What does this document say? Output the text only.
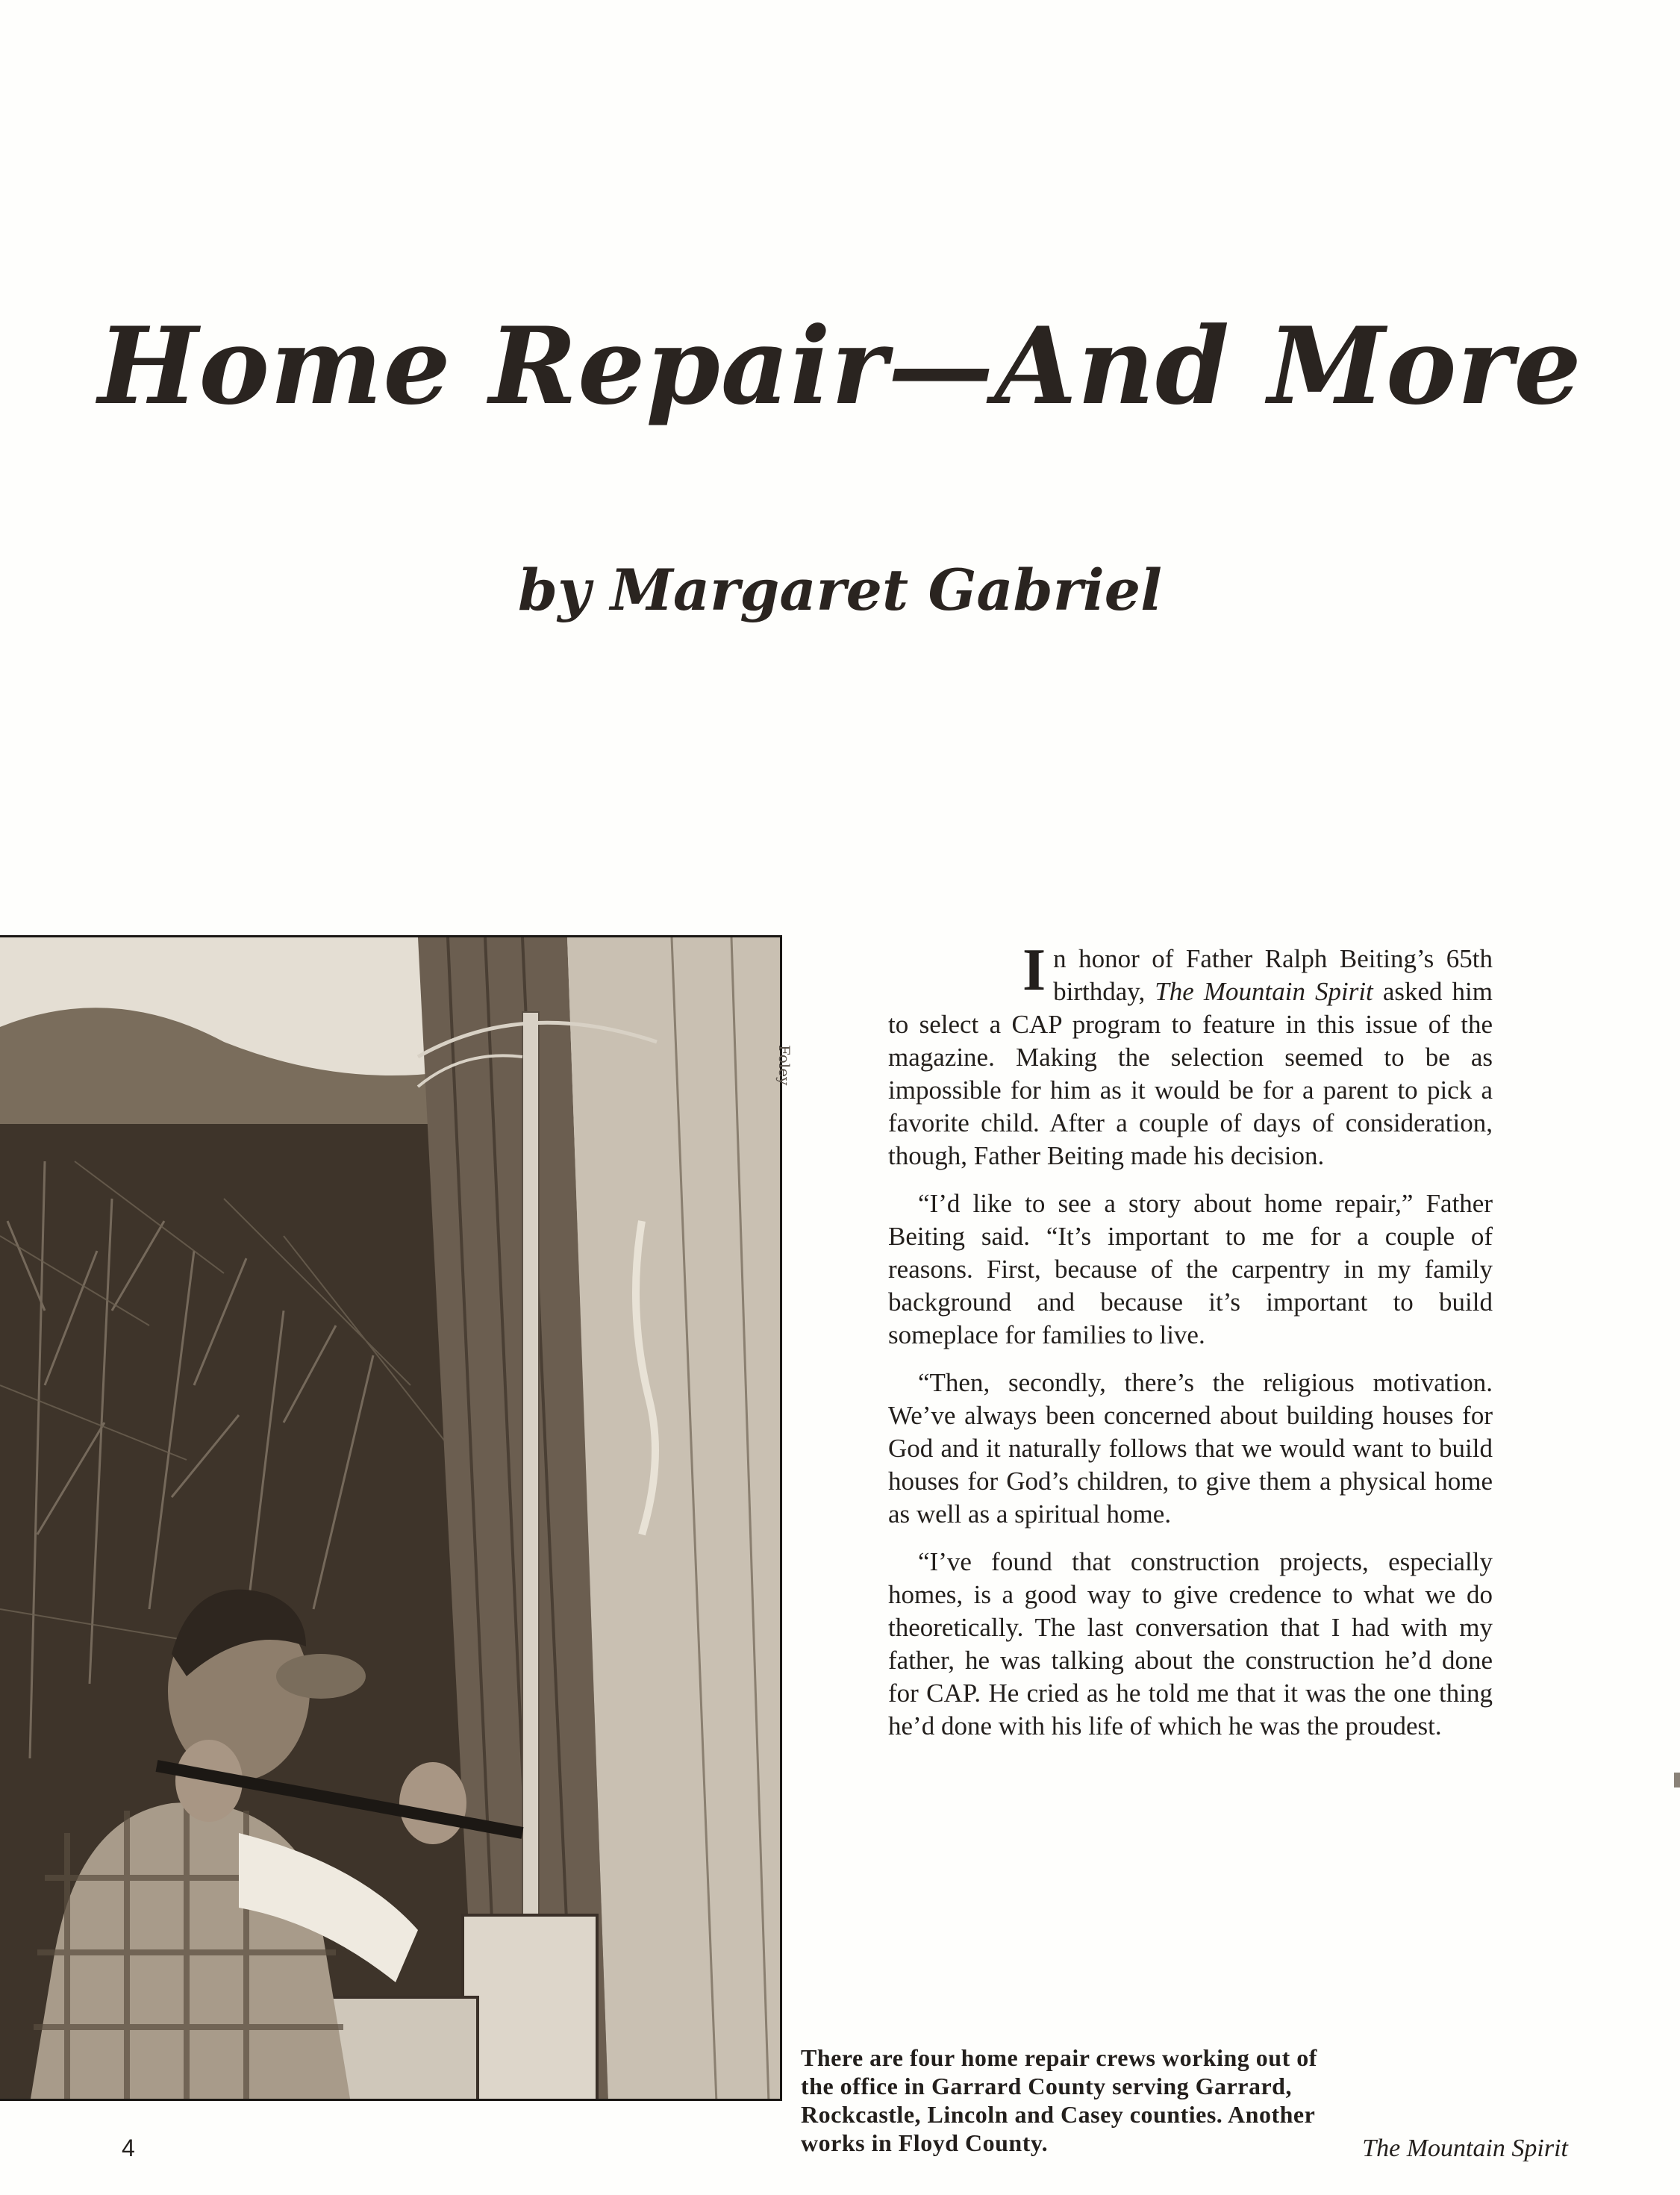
Home Repair—And More
by Margaret Gabriel
Foley

In honor of Father Ralph Beiting’s 65th birthday, The Mountain Spirit asked him to select a CAP program to feature in this issue of the magazine. Making the selection seemed to be as impossible for him as it would be for a parent to pick a favorite child. After a couple of days of consideration, though, Father Beiting made his decision.

“I’d like to see a story about home repair,” Father Beiting said. “It’s important to me for a couple of reasons. First, because of the carpentry in my family background and because it’s important to build someplace for families to live.

“Then, secondly, there’s the religious motivation. We’ve always been concerned about building houses for God and it naturally follows that we would want to build houses for God’s children, to give them a physical home as well as a spiritual home.

“I’ve found that construction projects, especially homes, is a good way to give credence to what we do theoretically. The last conversation that I had with my father, he was talking about the construction he’d done for CAP. He cried as he told me that it was the one thing he’d done with his life of which he was the proudest.

There are four home repair crews working out of the office in Garrard County serving Garrard, Rockcastle, Lincoln and Casey counties. Another works in Floyd County.
4	The Mountain Spirit
